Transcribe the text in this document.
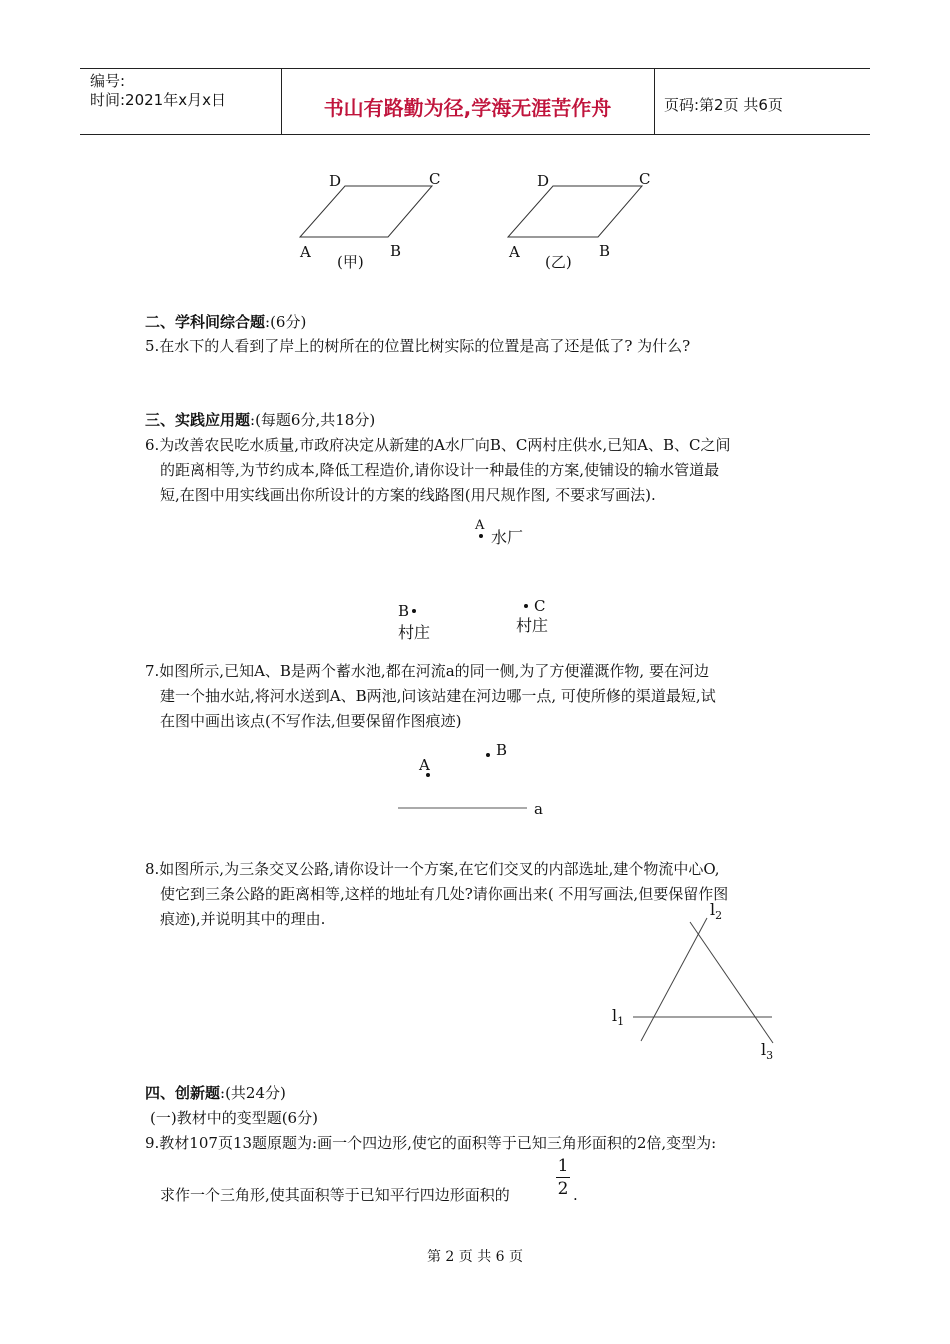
编号:
时间:2021年x月x日	书山有路勤为径,学海无涯苦作舟	页码:第2页 共6页
D	C
A	B
(甲)
D	C
A	B
(乙)
二、学科间综合题:(6分)
5.在水下的人看到了岸上的树所在的位置比树实际的位置是高了还是低了? 为什么?
三、实践应用题:(每题6分,共18分)
6.为改善农民吃水质量,市政府决定从新建的A水厂向B、C两村庄供水,已知A、B、C之间
的距离相等,为节约成本,降低工程造价,请你设计一种最佳的方案,使铺设的输水管道最
短,在图中用实线画出你所设计的方案的线路图(用尺规作图, 不要求写画法).
A
水厂
B
村庄
C
村庄
7.如图所示,已知A、B是两个蓄水池,都在河流a的同一侧,为了方便灌溉作物, 要在河边
建一个抽水站,将河水送到A、B两池,问该站建在河边哪一点, 可使所修的渠道最短,试
在图中画出该点(不写作法,但要保留作图痕迹)
A
B
a
8.如图所示,为三条交叉公路,请你设计一个方案,在它们交叉的内部选址,建个物流中心O,
使它到三条公路的距离相等,这样的地址有几处?请你画出来( 不用写画法,但要保留作图
痕迹),并说明其中的理由.	$l_2$
$l_1$
$l_3$
四、创新题:(共24分)
(一)教材中的变型题(6分)
9.教材107页13题原题为:画一个四边形,使它的面积等于已知三角形面积的2倍,变型为:
求作一个三角形,使其面积等于已知平行四边形面积的
1
2 .
第 2 页 共 6 页
